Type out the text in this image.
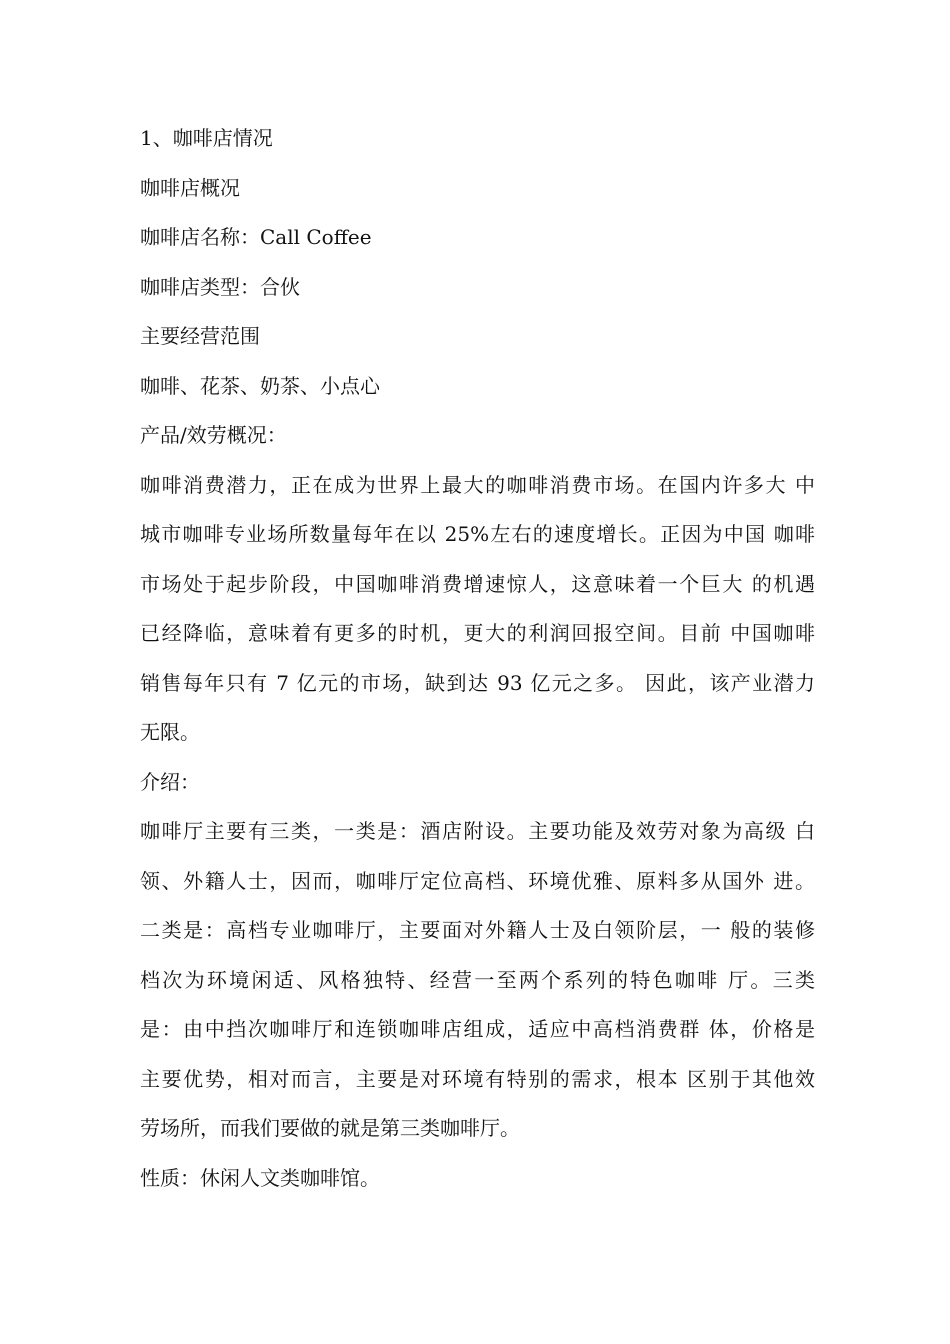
1、咖啡店情况

咖啡店概况

咖啡店名称：Call Coffee

咖啡店类型：合伙

主要经营范围

咖啡、花茶、奶茶、小点心

产品/效劳概况：

咖啡消费潜力，正在成为世界上最大的咖啡消费市场。在国内许多大 中
城市咖啡专业场所数量每年在以 25%左右的速度增长。正因为中国 咖啡
市场处于起步阶段，中国咖啡消费增速惊人，这意味着一个巨大 的机遇
已经降临，意味着有更多的时机，更大的利润回报空间。目前 中国咖啡
销售每年只有 7 亿元的市场，缺到达 93 亿元之多。 因此，该产业潜力
无限。

介绍：

咖啡厅主要有三类，一类是：酒店附设。主要功能及效劳对象为高级 白
领、外籍人士，因而，咖啡厅定位高档、环境优雅、原料多从国外 进。
二类是：高档专业咖啡厅，主要面对外籍人士及白领阶层，一 般的装修
档次为环境闲适、风格独特、经营一至两个系列的特色咖啡 厅。三类
是：由中挡次咖啡厅和连锁咖啡店组成，适应中高档消费群 体，价格是
主要优势，相对而言，主要是对环境有特别的需求，根本 区别于其他效
劳场所，而我们要做的就是第三类咖啡厅。

性质：休闲人文类咖啡馆。
